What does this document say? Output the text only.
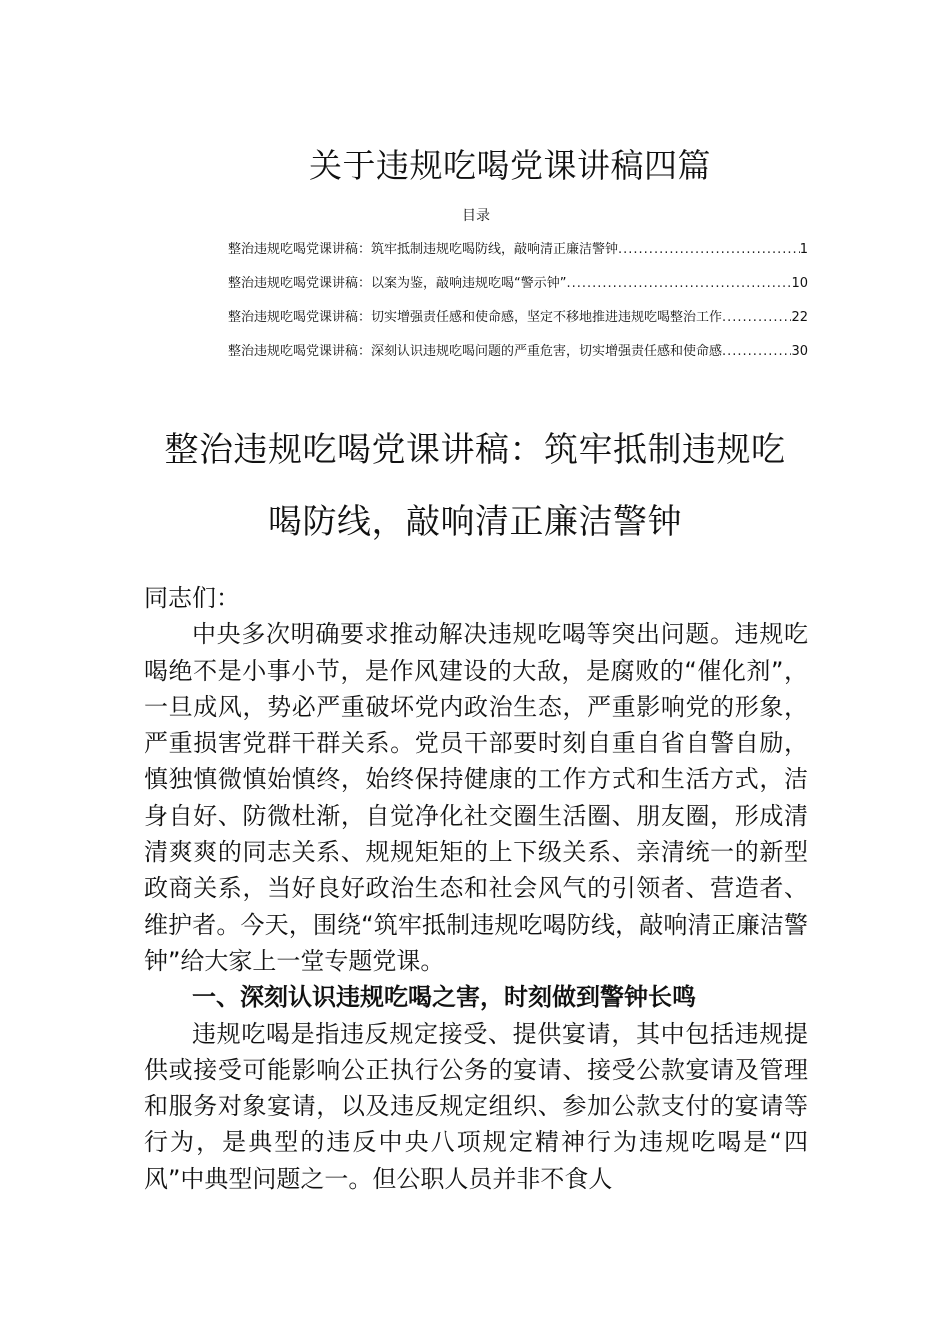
关于违规吃喝党课讲稿四篇
目录
整治违规吃喝党课讲稿：筑牢抵制违规吃喝防线，敲响清正廉洁警钟 .....	1
整治违规吃喝党课讲稿：以案为鉴，敲响违规吃喝“警示钟” .....	10
整治违规吃喝党课讲稿：切实增强责任感和使命感，坚定不移地推进违规吃喝整治工作 .....	22
整治违规吃喝党课讲稿：深刻认识违规吃喝问题的严重危害，切实增强责任感和使命感 .....	30
整治违规吃喝党课讲稿：筑牢抵制违规吃
喝防线，敲响清正廉洁警钟

同志们：

中央多次明确要求推动解决违规吃喝等突出问题。违规吃喝绝不是小事小节，是作风建设的大敌，是腐败的“催化剂”，一旦成风，势必严重破坏党内政治生态，严重影响党的形象，严重损害党群干群关系。党员干部要时刻自重自省自警自励，慎独慎微慎始慎终，始终保持健康的工作方式和生活方式，洁身自好、防微杜渐，自觉净化社交圈生活圈、朋友圈，形成清清爽爽的同志关系、规规矩矩的上下级关系、亲清统一的新型政商关系，当好良好政治生态和社会风气的引领者、营造者、维护者。今天，围绕“筑牢抵制违规吃喝防线，敲响清正廉洁警钟”给大家上一堂专题党课。

一、深刻认识违规吃喝之害，时刻做到警钟长鸣

违规吃喝是指违反规定接受、提供宴请，其中包括违规提供或接受可能影响公正执行公务的宴请、接受公款宴请及管理和服务对象宴请，以及违反规定组织、参加公款支付的宴请等行为，是典型的违反中央八项规定精神行为违规吃喝是“四风”中典型问题之一。但公职人员并非不食人
